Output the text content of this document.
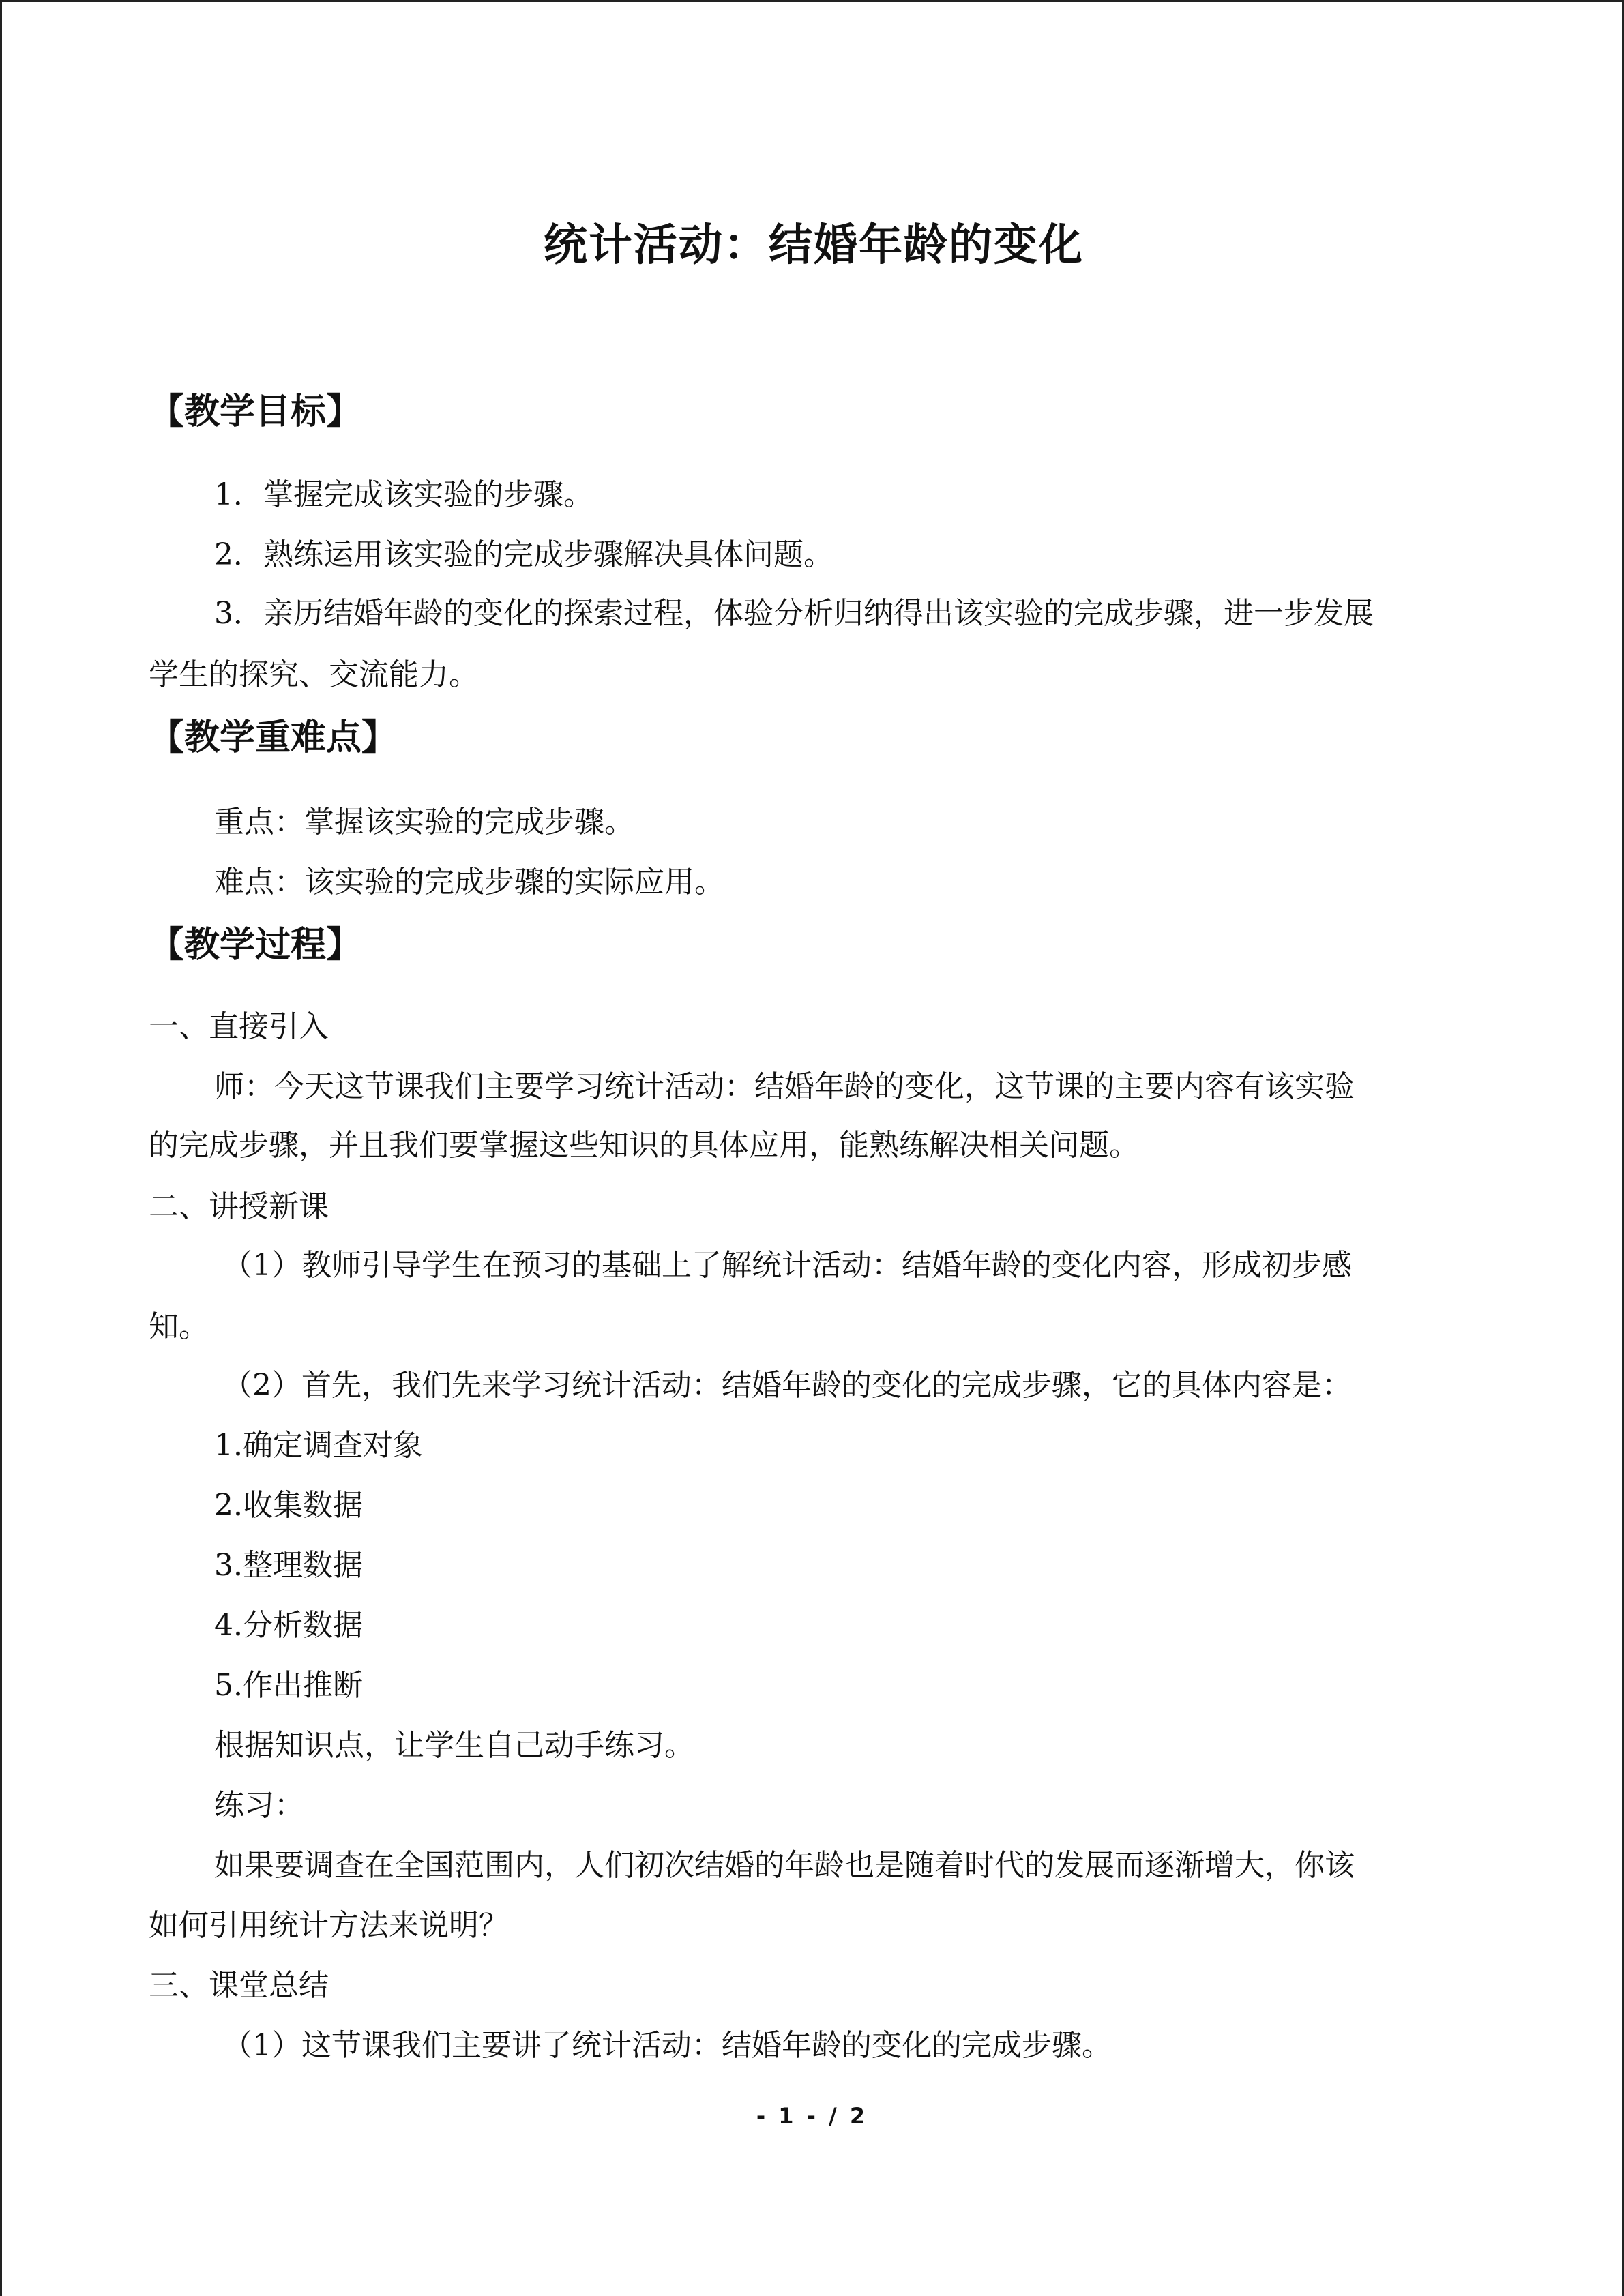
统计活动：结婚年龄的变化
【教学目标】

1．掌握完成该实验的步骤。

2．熟练运用该实验的完成步骤解决具体问题。

3．亲历结婚年龄的变化的探索过程，体验分析归纳得出该实验的完成步骤，进一步发展

学生的探究、交流能力。

【教学重难点】

重点：掌握该实验的完成步骤。

难点：该实验的完成步骤的实际应用。

【教学过程】

一、直接引入

师：今天这节课我们主要学习统计活动：结婚年龄的变化，这节课的主要内容有该实验

的完成步骤，并且我们要掌握这些知识的具体应用，能熟练解决相关问题。

二、讲授新课

（1）教师引导学生在预习的基础上了解统计活动：结婚年龄的变化内容，形成初步感

知。

（2）首先，我们先来学习统计活动：结婚年龄的变化的完成步骤，它的具体内容是：

1.确定调查对象

2.收集数据

3.整理数据

4.分析数据

5.作出推断

根据知识点，让学生自己动手练习。

练习：

如果要调查在全国范围内，人们初次结婚的年龄也是随着时代的发展而逐渐增大，你该

如何引用统计方法来说明？

三、课堂总结

（1）这节课我们主要讲了统计活动：结婚年龄的变化的完成步骤。

- 1 - / 2
